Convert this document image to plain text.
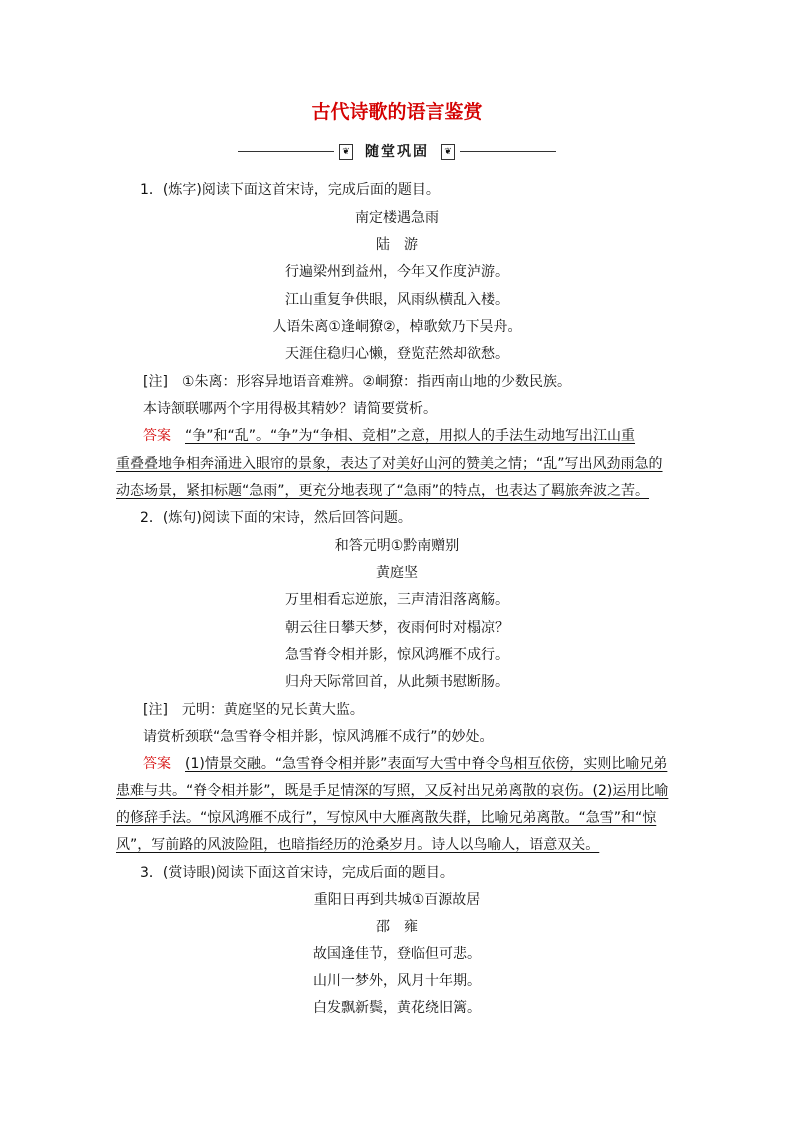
古代诗歌的语言鉴赏
❦	随堂巩固	❦
1．(炼字)阅读下面这首宋诗，完成后面的题目。
南定楼遇急雨
陆　游
行遍梁州到益州，今年又作度泸游。
江山重复争供眼，风雨纵横乱入楼。
人语朱离①逢峒獠②，棹歌欸乃下吴舟。
天涯住稳归心懒，登览茫然却欲愁。
[注]　①朱离：形容异地语音难辨。②峒獠：指西南山地的少数民族。
本诗颔联哪两个字用得极其精妙？请简要赏析。
答案 “争”和“乱”。“争”为“争相、竞相”之意，用拟人的手法生动地写出江山重
重叠叠地争相奔涌进入眼帘的景象，表达了对美好山河的赞美之情；“乱”写出风劲雨急的
动态场景，紧扣标题“急雨”，更充分地表现了“急雨”的特点，也表达了羁旅奔波之苦。
2．(炼句)阅读下面的宋诗，然后回答问题。
和答元明①黔南赠别
黄庭坚
万里相看忘逆旅，三声清泪落离觞。
朝云往日攀天梦，夜雨何时对榻凉？
急雪脊令相并影，惊风鸿雁不成行。
归舟天际常回首，从此频书慰断肠。
[注]　元明：黄庭坚的兄长黄大监。
请赏析颈联“急雪脊令相并影，惊风鸿雁不成行”的妙处。
答案 (1)情景交融。“急雪脊令相并影”表面写大雪中脊令鸟相互依傍，实则比喻兄弟
患难与共。“脊令相并影”，既是手足情深的写照，又反衬出兄弟离散的哀伤。(2)运用比喻
的修辞手法。“惊风鸿雁不成行”，写惊风中大雁离散失群，比喻兄弟离散。“急雪”和“惊
风”，写前路的风波险阻，也暗指经历的沧桑岁月。诗人以鸟喻人，语意双关。
3．(赏诗眼)阅读下面这首宋诗，完成后面的题目。
重阳日再到共城①百源故居
邵　雍
故国逢佳节，登临但可悲。
山川一梦外，风月十年期。
白发飘新鬓，黄花绕旧篱。
